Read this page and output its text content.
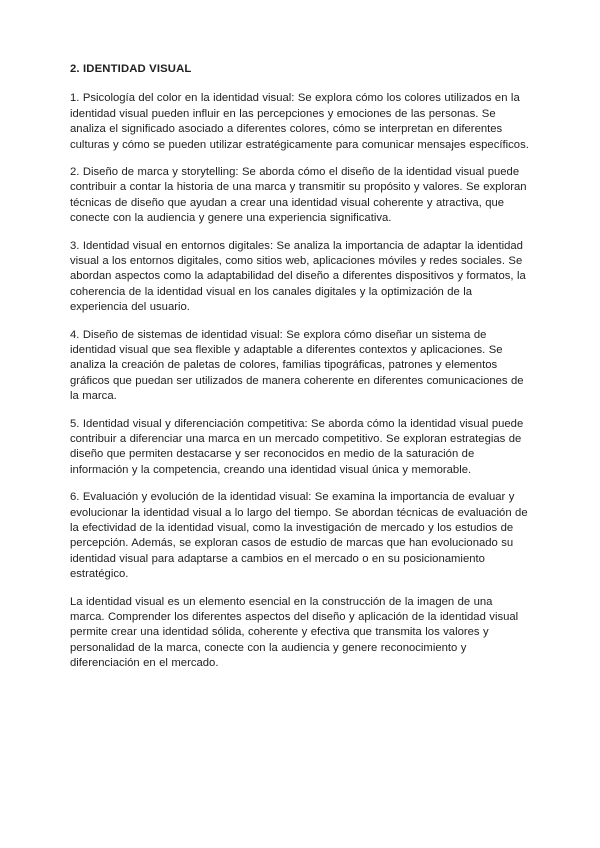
2. IDENTIDAD VISUAL

1. Psicología del color en la identidad visual: Se explora cómo los colores utilizados en la identidad visual pueden influir en las percepciones y emociones de las personas. Se analiza el significado asociado a diferentes colores, cómo se interpretan en diferentes culturas y cómo se pueden utilizar estratégicamente para comunicar mensajes específicos.

2. Diseño de marca y storytelling: Se aborda cómo el diseño de la identidad visual puede contribuir a contar la historia de una marca y transmitir su propósito y valores. Se exploran técnicas de diseño que ayudan a crear una identidad visual coherente y atractiva, que conecte con la audiencia y genere una experiencia significativa.

3. Identidad visual en entornos digitales: Se analiza la importancia de adaptar la identidad visual a los entornos digitales, como sitios web, aplicaciones móviles y redes sociales. Se abordan aspectos como la adaptabilidad del diseño a diferentes dispositivos y formatos, la coherencia de la identidad visual en los canales digitales y la optimización de la experiencia del usuario.

4. Diseño de sistemas de identidad visual: Se explora cómo diseñar un sistema de identidad visual que sea flexible y adaptable a diferentes contextos y aplicaciones. Se analiza la creación de paletas de colores, familias tipográficas, patrones y elementos gráficos que puedan ser utilizados de manera coherente en diferentes comunicaciones de la marca.

5. Identidad visual y diferenciación competitiva: Se aborda cómo la identidad visual puede contribuir a diferenciar una marca en un mercado competitivo. Se exploran estrategias de diseño que permiten destacarse y ser reconocidos en medio de la saturación de información y la competencia, creando una identidad visual única y memorable.

6. Evaluación y evolución de la identidad visual: Se examina la importancia de evaluar y evolucionar la identidad visual a lo largo del tiempo. Se abordan técnicas de evaluación de la efectividad de la identidad visual, como la investigación de mercado y los estudios de percepción. Además, se exploran casos de estudio de marcas que han evolucionado su identidad visual para adaptarse a cambios en el mercado o en su posicionamiento estratégico.

La identidad visual es un elemento esencial en la construcción de la imagen de una marca. Comprender los diferentes aspectos del diseño y aplicación de la identidad visual permite crear una identidad sólida, coherente y efectiva que transmita los valores y personalidad de la marca, conecte con la audiencia y genere reconocimiento y diferenciación en el mercado.
